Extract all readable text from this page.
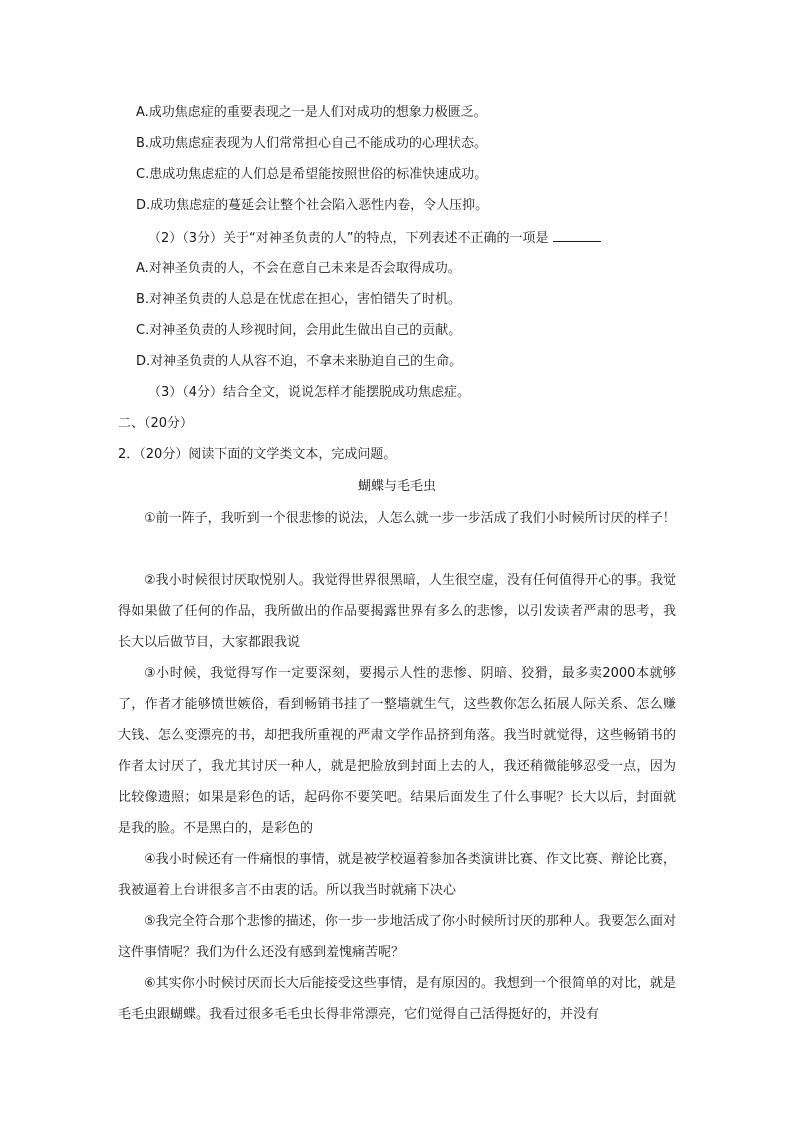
A.成功焦虑症的重要表现之一是人们对成功的想象力极匮乏。
B.成功焦虑症表现为人们常常担心自己不能成功的心理状态。
C.患成功焦虑症的人们总是希望能按照世俗的标准快速成功。
D.成功焦虑症的蔓延会让整个社会陷入恶性内卷，令人压抑。
（2）（3分）关于“对神圣负责的人”的特点，下列表述不正确的一项是
A.对神圣负责的人，不会在意自己未来是否会取得成功。
B.对神圣负责的人总是在忧虑在担心，害怕错失了时机。
C.对神圣负责的人珍视时间，会用此生做出自己的贡献。
D.对神圣负责的人从容不迫，不拿未来胁迫自己的生命。
（3）（4分）结合全文，说说怎样才能摆脱成功焦虑症。
二、（20分）
2．（20分）阅读下面的文学类文本，完成问题。
蝴蝶与毛毛虫

①前一阵子，我听到一个很悲惨的说法，人怎么就一步一步活成了我们小时候所讨厌的样子！

②我小时候很讨厌取悦别人。我觉得世界很黑暗，人生很空虚，没有任何值得开心的事。我觉得如果做了任何的作品，我所做出的作品要揭露世界有多么的悲惨，以引发读者严肃的思考，我长大以后做节目，大家都跟我说

③小时候，我觉得写作一定要深刻，要揭示人性的悲惨、阴暗、狡猾，最多卖2000本就够了，作者才能够愤世嫉俗，看到畅销书挂了一整墙就生气，这些教你怎么拓展人际关系、怎么赚大钱、怎么变漂亮的书，却把我所重视的严肃文学作品挤到角落。我当时就觉得，这些畅销书的作者太讨厌了，我尤其讨厌一种人，就是把脸放到封面上去的人，我还稍微能够忍受一点，因为比较像遗照；如果是彩色的话，起码你不要笑吧。结果后面发生了什么事呢？长大以后，封面就是我的脸。不是黑白的，是彩色的

④我小时候还有一件痛恨的事情，就是被学校逼着参加各类演讲比赛、作文比赛、辩论比赛，我被逼着上台讲很多言不由衷的话。所以我当时就痛下决心

⑤我完全符合那个悲惨的描述，你一步一步地活成了你小时候所讨厌的那种人。我要怎么面对这件事情呢？我们为什么还没有感到羞愧痛苦呢？

⑥其实你小时候讨厌而长大后能接受这些事情，是有原因的。我想到一个很简单的对比，就是毛毛虫跟蝴蝶。我看过很多毛毛虫长得非常漂亮，它们觉得自己活得挺好的，并没有
